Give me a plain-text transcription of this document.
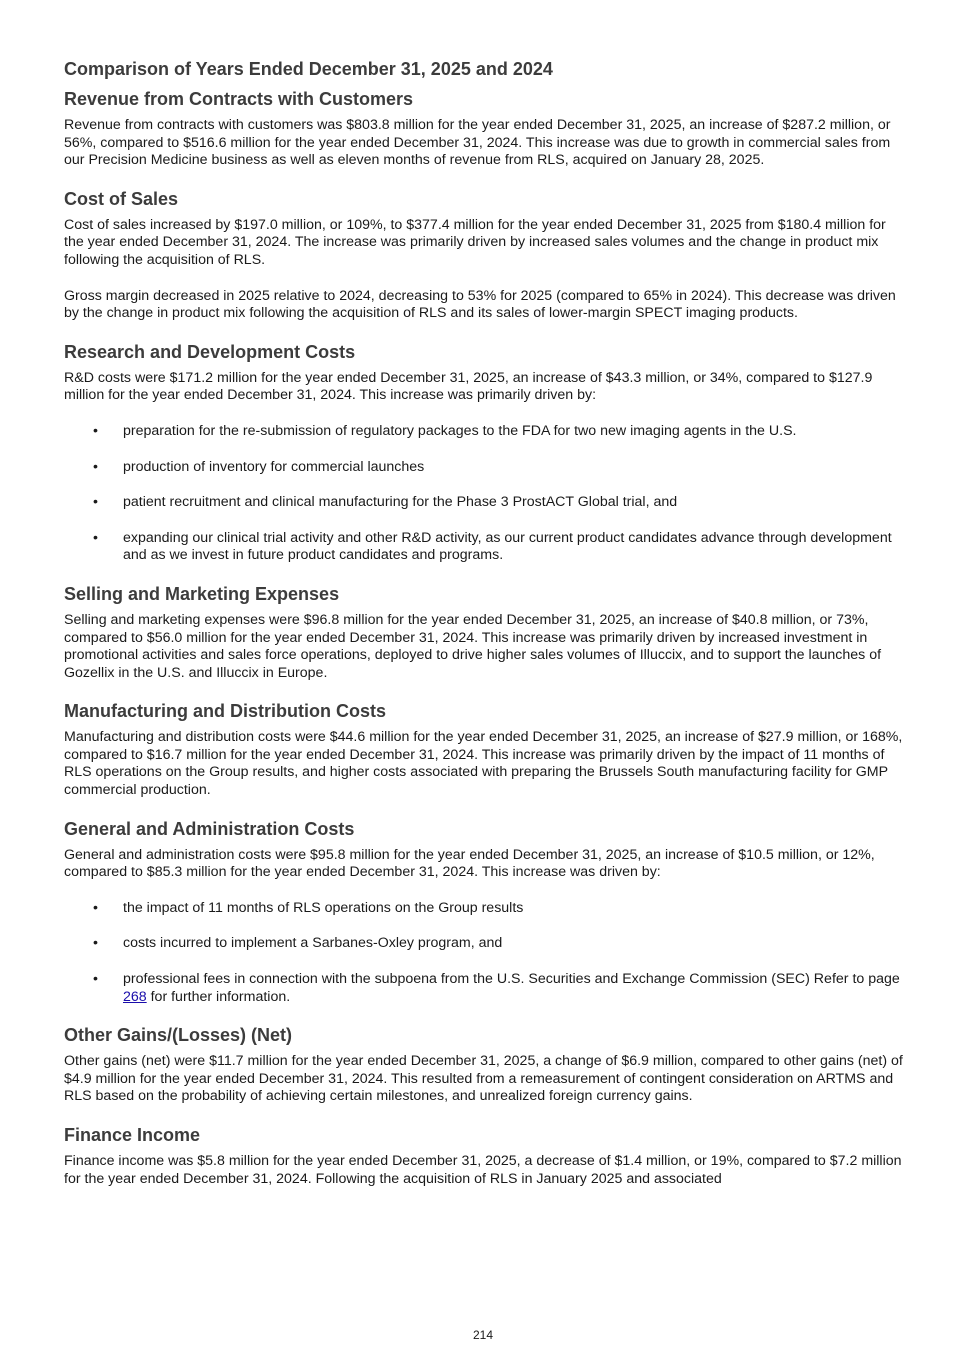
Comparison of Years Ended December 31, 2025 and 2024
Revenue from Contracts with Customers

Revenue from contracts with customers was $803.8 million for the year ended December 31, 2025, an increase of $287.2 million, or 56%, compared to $516.6 million for the year ended December 31, 2024. This increase was due to growth in commercial sales from our Precision Medicine business as well as eleven months of revenue from RLS, acquired on January 28, 2025.

Cost of Sales

Cost of sales increased by $197.0 million, or 109%, to $377.4 million for the year ended December 31, 2025 from $180.4 million for the year ended December 31, 2024. The increase was primarily driven by increased sales volumes and the change in product mix following the acquisition of RLS.

Gross margin decreased in 2025 relative to 2024, decreasing to 53% for 2025 (compared to 65% in 2024). This decrease was driven by the change in product mix following the acquisition of RLS and its sales of lower-margin SPECT imaging products.

Research and Development Costs

R&D costs were $171.2 million for the year ended December 31, 2025, an increase of $43.3 million, or 34%, compared to $127.9 million for the year ended December 31, 2024. This increase was primarily driven by:

• preparation for the re-submission of regulatory packages to the FDA for two new imaging agents in the U.S.
• production of inventory for commercial launches
• patient recruitment and clinical manufacturing for the Phase 3 ProstACT Global trial, and
• expanding our clinical trial activity and other R&D activity, as our current product candidates advance through development and as we invest in future product candidates and programs.
Selling and Marketing Expenses

Selling and marketing expenses were $96.8 million for the year ended December 31, 2025, an increase of $40.8 million, or 73%, compared to $56.0 million for the year ended December 31, 2024. This increase was primarily driven by increased investment in promotional activities and sales force operations, deployed to drive higher sales volumes of Illuccix, and to support the launches of Gozellix in the U.S. and Illuccix in Europe.

Manufacturing and Distribution Costs

Manufacturing and distribution costs were $44.6 million for the year ended December 31, 2025, an increase of $27.9 million, or 168%, compared to $16.7 million for the year ended December 31, 2024. This increase was primarily driven by the impact of 11 months of RLS operations on the Group results, and higher costs associated with preparing the Brussels South manufacturing facility for GMP commercial production.

General and Administration Costs

General and administration costs were $95.8 million for the year ended December 31, 2025, an increase of $10.5 million, or 12%, compared to $85.3 million for the year ended December 31, 2024. This increase was driven by:

• the impact of 11 months of RLS operations on the Group results
• costs incurred to implement a Sarbanes-Oxley program, and
• professional fees in connection with the subpoena from the U.S. Securities and Exchange Commission (SEC) Refer to page 268 for further information.
Other Gains/(Losses) (Net)

Other gains (net) were $11.7 million for the year ended December 31, 2025, a change of $6.9 million, compared to other gains (net) of $4.9 million for the year ended December 31, 2024. This resulted from a remeasurement of contingent consideration on ARTMS and RLS based on the probability of achieving certain milestones, and unrealized foreign currency gains.

Finance Income

Finance income was $5.8 million for the year ended December 31, 2025, a decrease of $1.4 million, or 19%, compared to $7.2 million for the year ended December 31, 2024. Following the acquisition of RLS in January 2025 and associated

214
